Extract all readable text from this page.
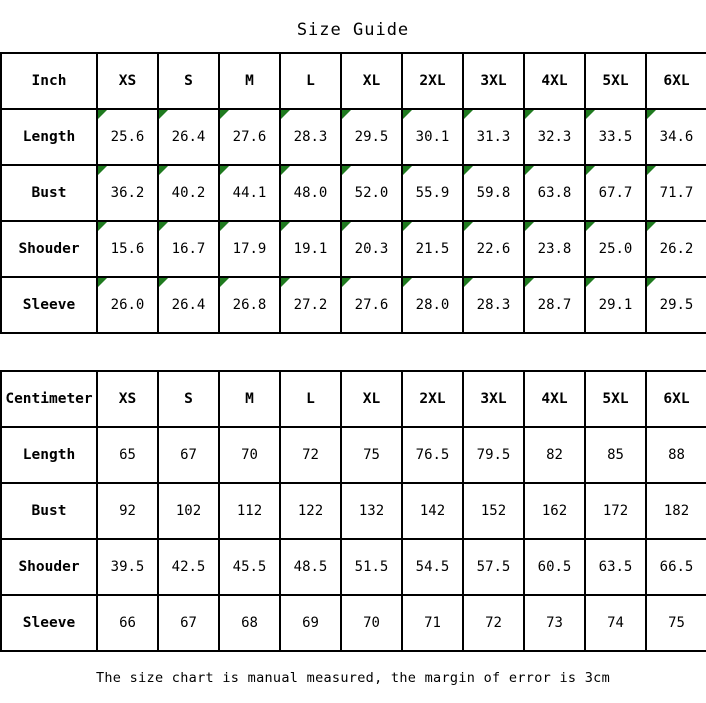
Size Guide
Inch	XS	S	M	L	XL	2XL	3XL	4XL	5XL	6XL
Length	25.6	26.4	27.6	28.3	29.5	30.1	31.3	32.3	33.5	34.6
Bust	36.2	40.2	44.1	48.0	52.0	55.9	59.8	63.8	67.7	71.7
Shouder	15.6	16.7	17.9	19.1	20.3	21.5	22.6	23.8	25.0	26.2
Sleeve	26.0	26.4	26.8	27.2	27.6	28.0	28.3	28.7	29.1	29.5
Centimeter	XS	S	M	L	XL	2XL	3XL	4XL	5XL	6XL
Length	65	67	70	72	75	76.5	79.5	82	85	88
Bust	92	102	112	122	132	142	152	162	172	182
Shouder	39.5	42.5	45.5	48.5	51.5	54.5	57.5	60.5	63.5	66.5
Sleeve	66	67	68	69	70	71	72	73	74	75
The size chart is manual measured, the margin of error is 3cm
